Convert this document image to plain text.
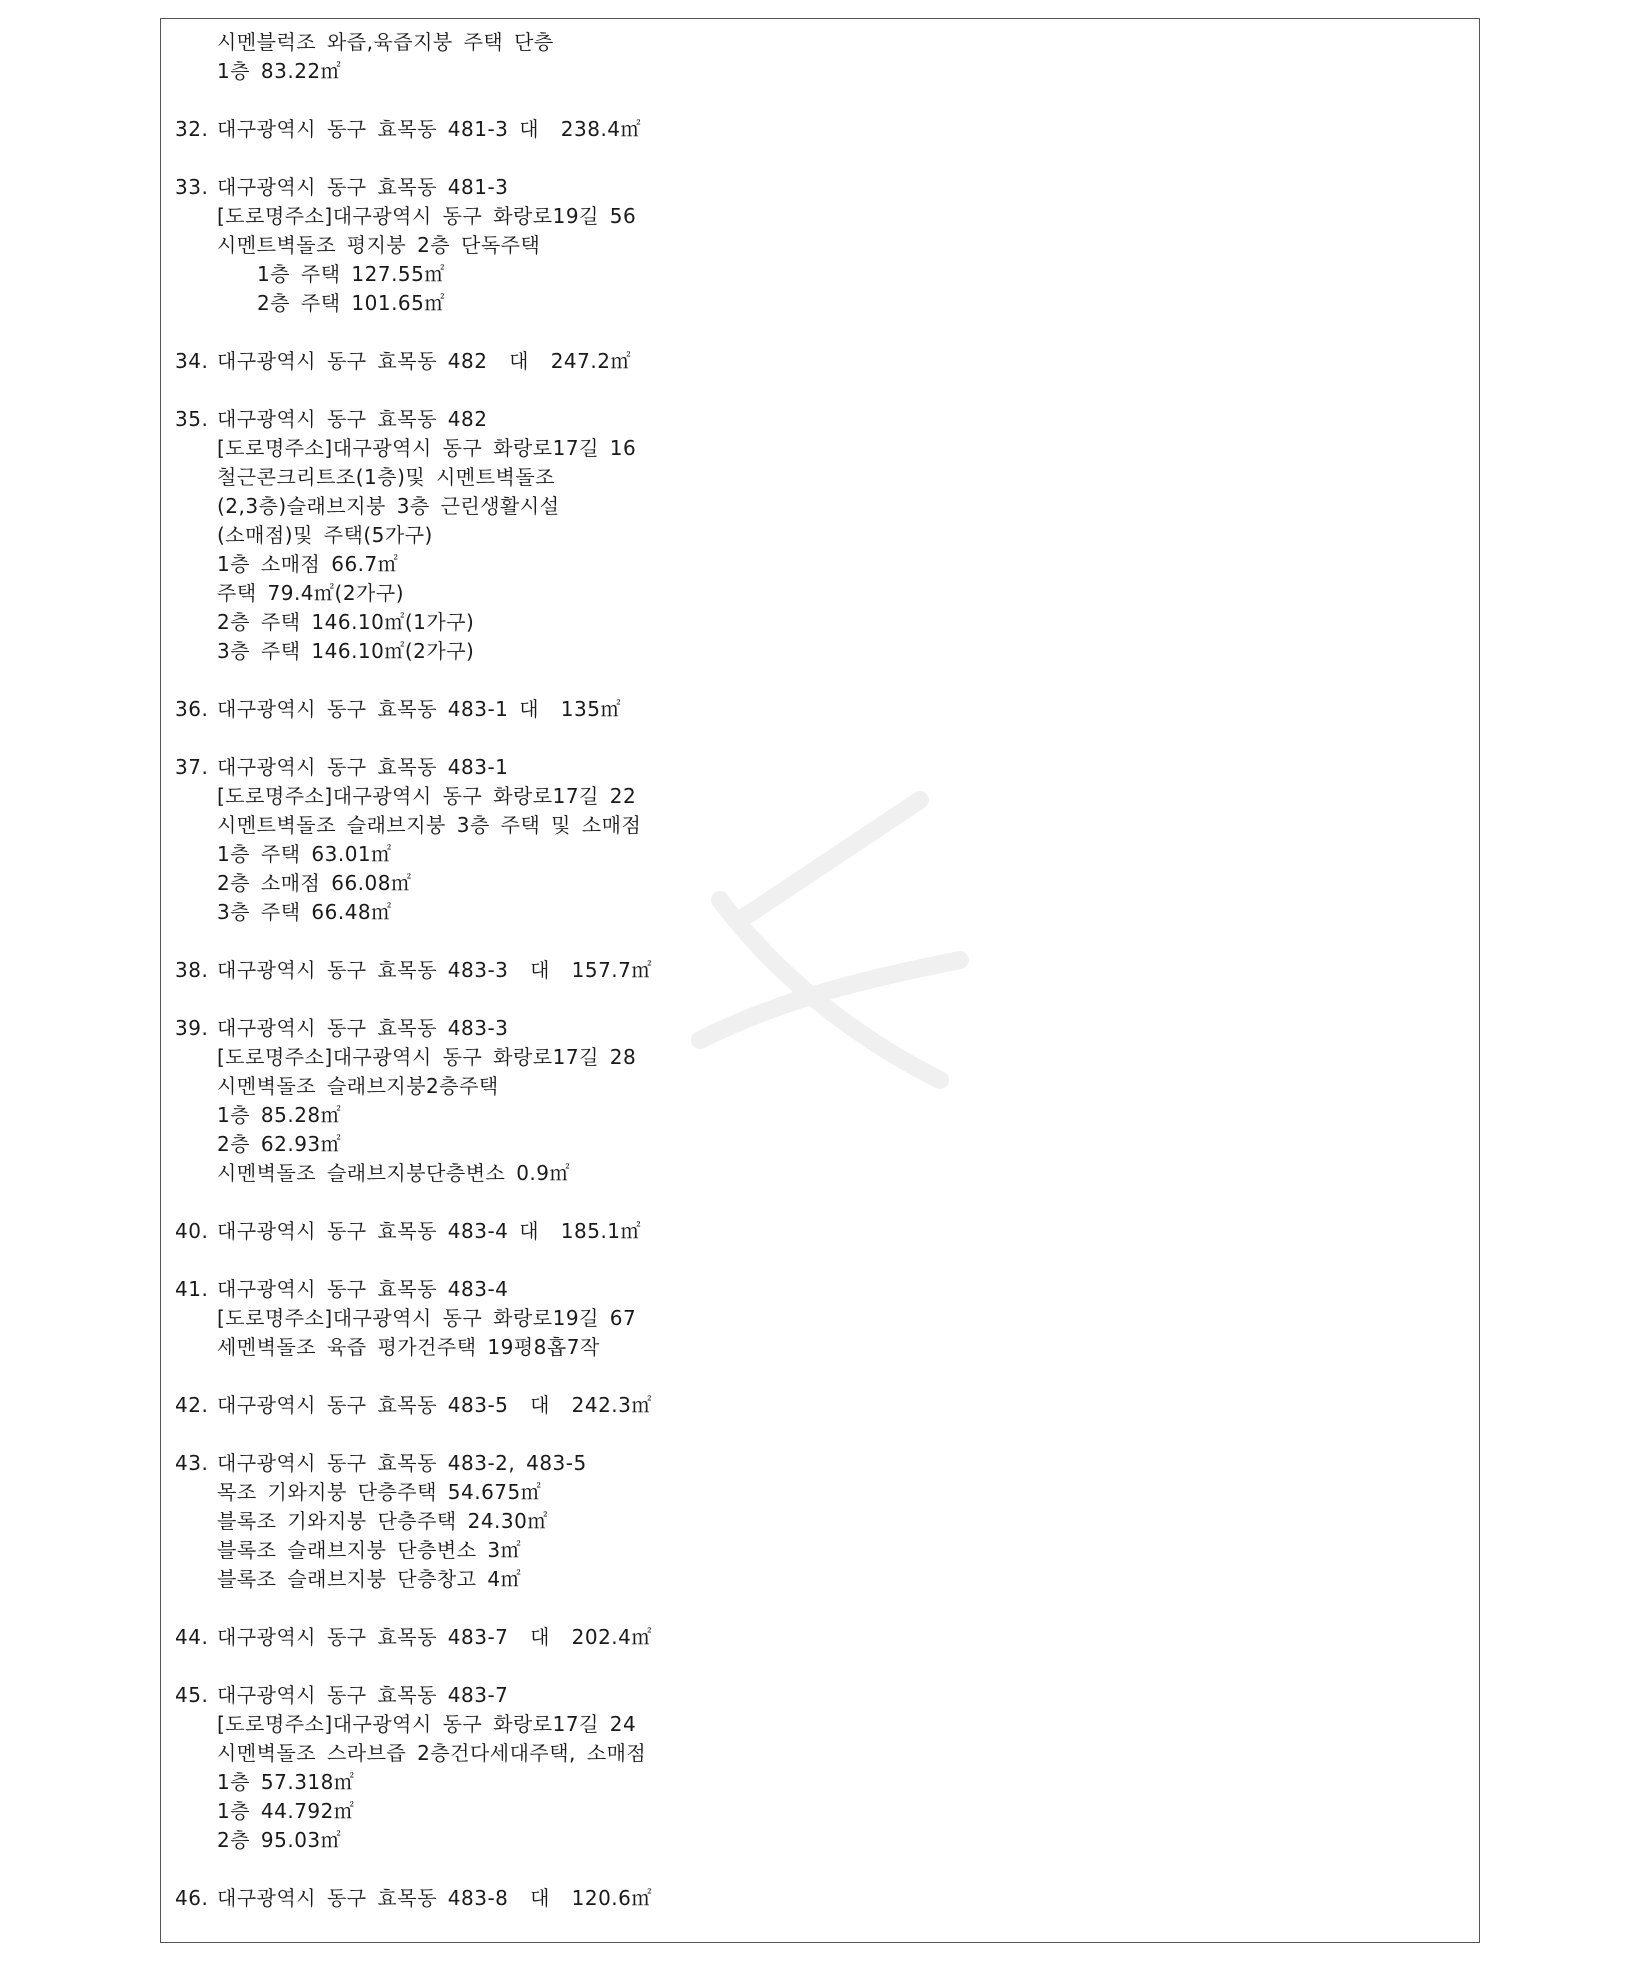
시멘블럭조 와즙,육즙지붕 주택 단층
1층 83.22㎡
32. 대구광역시 동구 효목동 481-3 대  238.4㎡
33. 대구광역시 동구 효목동 481-3
[도로명주소]대구광역시 동구 화랑로19길 56
시멘트벽돌조 평지붕 2층 단독주택
1층 주택 127.55㎡
2층 주택 101.65㎡
34. 대구광역시 동구 효목동 482  대  247.2㎡
35. 대구광역시 동구 효목동 482
[도로명주소]대구광역시 동구 화랑로17길 16
철근콘크리트조(1층)및 시멘트벽돌조
(2,3층)슬래브지붕 3층 근린생활시설
(소매점)및 주택(5가구)
1층 소매점 66.7㎡
주택 79.4㎡(2가구)
2층 주택 146.10㎡(1가구)
3층 주택 146.10㎡(2가구)
36. 대구광역시 동구 효목동 483-1 대  135㎡
37. 대구광역시 동구 효목동 483-1
[도로명주소]대구광역시 동구 화랑로17길 22
시멘트벽돌조 슬래브지붕 3층 주택 및 소매점
1층 주택 63.01㎡
2층 소매점 66.08㎡
3층 주택 66.48㎡
38. 대구광역시 동구 효목동 483-3  대  157.7㎡
39. 대구광역시 동구 효목동 483-3
[도로명주소]대구광역시 동구 화랑로17길 28
시멘벽돌조 슬래브지붕2층주택
1층 85.28㎡
2층 62.93㎡
시멘벽돌조 슬래브지붕단층변소 0.9㎡
40. 대구광역시 동구 효목동 483-4 대  185.1㎡
41. 대구광역시 동구 효목동 483-4
[도로명주소]대구광역시 동구 화랑로19길 67
세멘벽돌조 육즙 평가건주택 19평8홉7작
42. 대구광역시 동구 효목동 483-5  대  242.3㎡
43. 대구광역시 동구 효목동 483-2, 483-5
목조 기와지붕 단층주택 54.675㎡
블록조 기와지붕 단층주택 24.30㎡
블록조 슬래브지붕 단층변소 3㎡
블록조 슬래브지붕 단층창고 4㎡
44. 대구광역시 동구 효목동 483-7  대  202.4㎡
45. 대구광역시 동구 효목동 483-7
[도로명주소]대구광역시 동구 화랑로17길 24
시멘벽돌조 스라브즙 2층건다세대주택, 소매점
1층 57.318㎡
1층 44.792㎡
2층 95.03㎡
46. 대구광역시 동구 효목동 483-8  대  120.6㎡
